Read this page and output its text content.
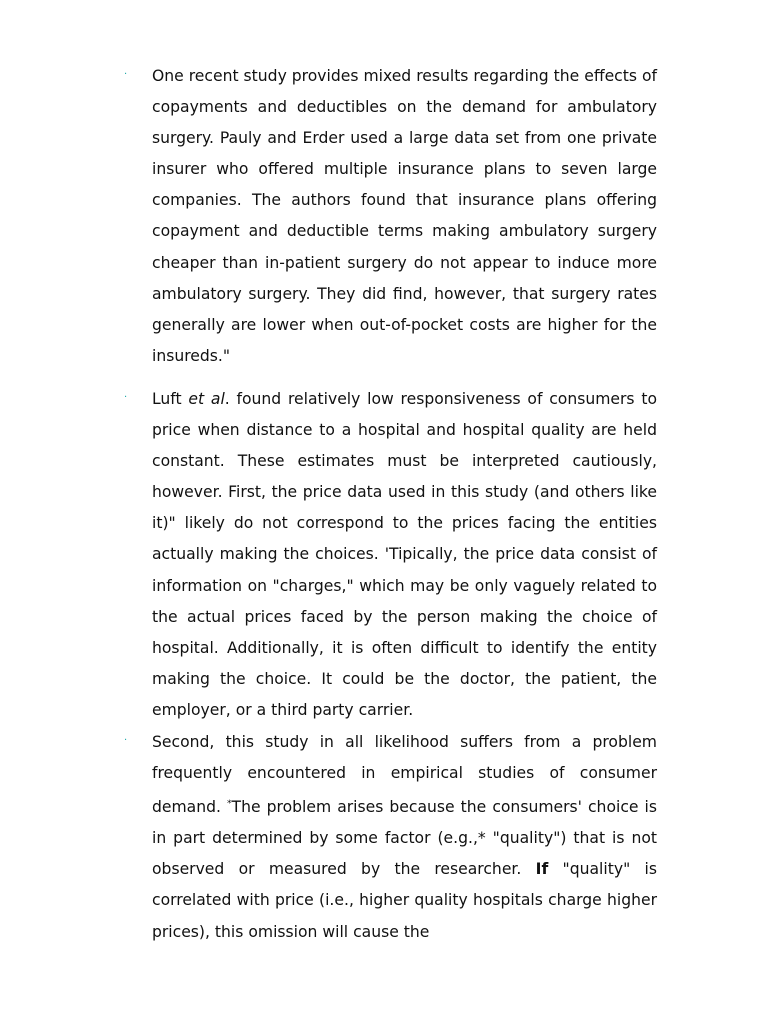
·

One recent study provides mixed results regarding the effects of copayments and deductibles on the demand for ambulatory surgery. Pauly and Erder used a large data set from one private insurer who offered multiple insurance plans to seven large companies. The authors found that insurance plans offering copayment and deductible terms making ambulatory surgery cheaper than in-patient surgery do not appear to induce more ambulatory surgery. They did find, however, that surgery rates generally are lower when out-of-pocket costs are higher for the insureds."

·

Luft et al. found relatively low responsiveness of consumers to price when distance to a hospital and hospital quality are held constant. These estimates must be interpreted cautiously, however. First, the price data used in this study (and others like it)" likely do not correspond to the prices facing the entities actually making the choices. 'Tipically, the price data consist of information on "charges," which may be only vaguely related to the actual prices faced by the person making the choice of hospital. Additionally, it is often difficult to identify the entity making the choice. It could be the doctor, the patient, the employer, or a third party carrier.

·

Second, this study in all likelihood suffers from a problem frequently encountered in empirical studies of consumer demand. *The problem arises because the consumers' choice is in part determined by some factor (e.g.,* "quality") that is not observed or measured by the researcher. If "quality" is correlated with price (i.e., higher quality hospitals charge higher prices), this omission will cause the
